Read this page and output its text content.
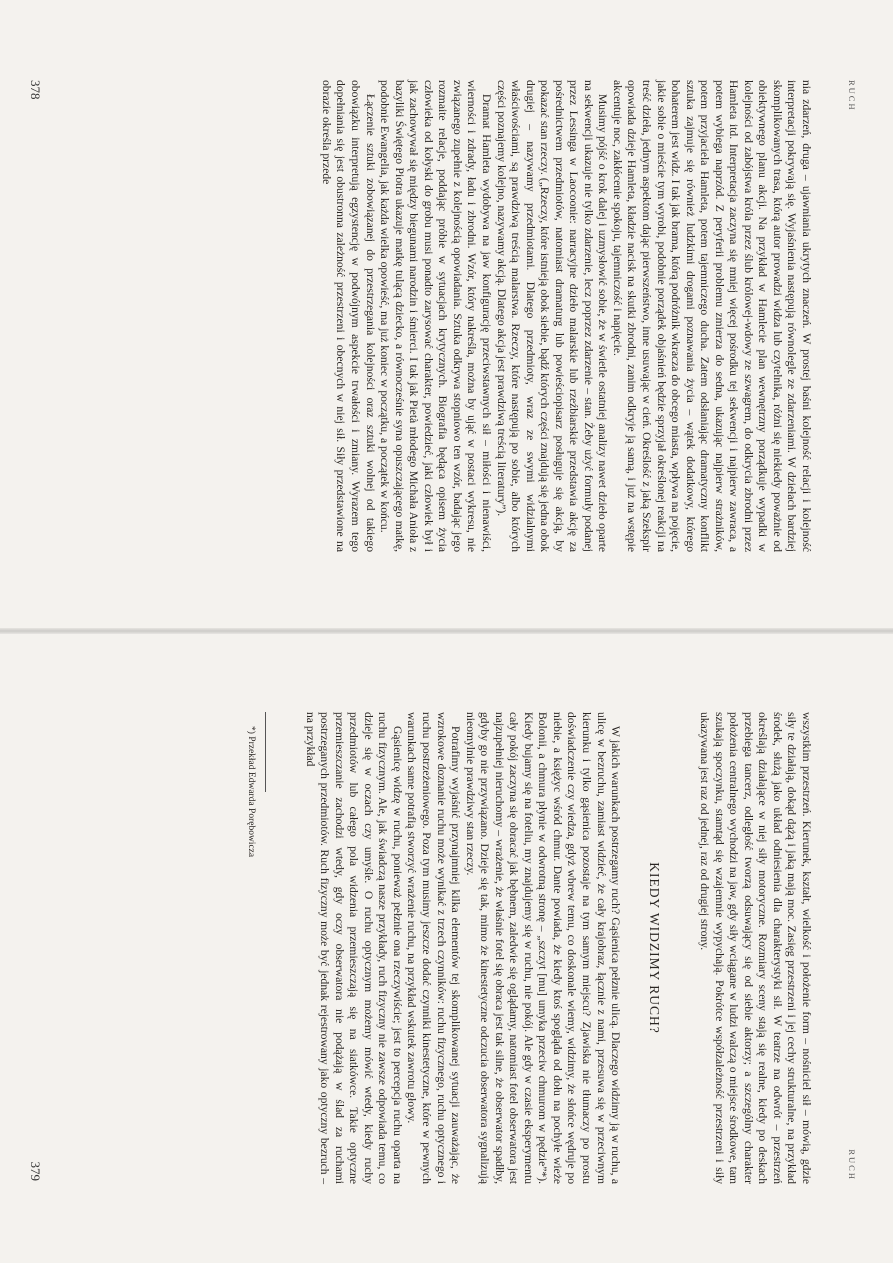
RUCH

nia zdarzeń, druga – ujawniania ukrytych znaczeń. W prostej baśni kolejność relacji i kolejność interpretacji pokrywają się. Wyjaśnienia następują równolegle ze zdarzeniami. W dziełach bardziej skomplikowanych trasa, którą autor prowadzi widza lub czytelnika, różni się niekiedy poważnie od obiektywnego planu akcji. Na przykład w Hamlecie plan wewnętrzny porządkuje wypadki w kolejności od zabójstwa króla przez ślub królowej-wdowy ze szwagrem, do odkrycia zbrodni przez Hamleta itd. Interpretacja zaczyna się mniej więcej pośrodku tej sekwencji i najpierw zawraca, a potem wybiega naprzód. Z peryferii problemu zmierza do sedna, ukazując najpierw strażników, potem przyjaciela Hamleta, potem tajemniczego ducha. Zatem odsłaniając dramatyczny konflikt sztuka zajmuje się również ludzkimi drogami poznawania życia – wątek dodatkowy, którego bohaterem jest widz. I tak jak brama, którą podróżnik wkracza do obcego miasta, wpływa na pojęcie, jakie sobie o mieście tym wyrobi, podobnie porządek objaśnień będzie sprzyjał określonej reakcji na treść dzieła, jednym aspektom dając pierwszeństwo, inne usuwając w cień. Określość z jaką Szekspir opowiada dzieje Hamleta, kładzie nacisk na skutki zbrodni, zanim odkryje ją samą, i już na wstępie akcentuje noc, zakłócenie spokoju, tajemniczość i napięcie.

Musimy pójść o krok dalej i uzmysłowić sobie, że w świetle ostatniej analizy nawet dzieło oparte na sekwencji ukazuje nie tylko zdarzenie, lecz poprzez zdarzenie – stan. Żeby użyć formuły podanej przez Lessinga w Laocoonie: narracyjne dzieło malarskie lub rzeźbiarskie przedstawia akcję za pośrednictwem przedmiotów, natomiast dramaturg lub powieściopisarz posługuje się akcją, by pokazać stan rzeczy. („Rzeczy, które istnieją obok siebie, bądź których części znajdują się jedna obok drugiej – nazywamy przedmiotami. Dlatego przedmioty, wraz ze swymi widzialnymi właściwościami, są prawdziwą treścią malarstwa. Rzeczy, które następują po sobie, albo których części poznajemy kolejno, nazywamy akcją. Dlatego akcja jest prawdziwą treścią literatury”).

Dramat Hamleta wydobywa na jaw konfigurację przeciwstawnych sił – miłości i nienawiści, wierności i zdrady, ładu i zbrodni. Wzór, który nakreśla, można by ująć w postaci wykresu, nie związanego zupełnie z kolejnością opowiadania. Sztuka odkrywa stopniowo ten wzór, badając jego rozmaite relacje, poddając próbie w sytuacjach krytycznych. Biografia będąca opisem życia człowieka od kołyski do grobu musi ponadto zarysować charakter, powiedzieć, jaki człowiek był i jak zachowywał się między biegunami narodzin i śmierci. I tak jak Pietà młodego Michała Anioła z bazyliki Świętego Piotra ukazuje matkę tulącą dziecko, a równocześnie syna opuszczającego matkę, podobnie Ewangelia, jak każda wielka opowieść, ma już koniec w początku, a początek w końcu.

Łączenie sztuki zobowiązanej do przestrzegania kolejności oraz sztuki wolnej od takiego obowiązku interpretują egzystencję w podwójnym aspekcie trwałości i zmiany. Wyrazem tego dopełniania się jest obustronna zależność przestrzeni i obecnych w niej sił. Siły przedstawione na obrazie określa przede

378
RUCH

wszystkim przestrzeń. Kierunek, kształt, wielkość i położenie form – nośniciel sił – mówią, gdzie siły te działają, dokąd dążą i jaką mają moc. Zasięg przestrzeni i jej cechy strukturalne, na przykład środek, służą jako układ odniesienia dla charakterystyki sił. W teatrze na odwrót – przestrzeń określają działające w niej siły motoryczne. Rozmiary sceny stają się realne, kiedy po deskach przebiega tancerz, odległość tworzą odsuwający się od siebie aktorzy; a szczególny charakter położenia centralnego wychodzi na jaw, gdy siły wciągane w ludzi walczą o miejsce środkowe, tam szukają spoczynku, stamtąd się wzajemnie wypychają. Pokrótce współzależność przestrzeni i siły ukazywana jest raz od jednej, raz od drugiej strony.

KIEDY WIDZIMY RUCH?

W jakich warunkach postrzegamy ruch? Gąsienica pełznie ulicą. Dlaczego widzimy ją w ruchu, a ulicę w bezruchu, zamiast widzieć, że cały krajobraz, łącznie z nami, przesuwa się w przeciwnym kierunku i tylko gąsienica pozostaje na tym samym miejscu? Zjawiska nie tłumaczy po prostu doświadczenie czy wiedza, gdyż wbrew temu, co doskonale wiemy, widzimy, że słońce wędruje po niebie, a księżyc wśród chmur. Dante powiada, że kiedy ktoś spogląda od dołu na pochyłe wieże Bolonii, a chmura płynie w odwrotną stronę – „szczyt [mu] umyka przeciw chmurom w pędzie”*). Kiedy bujamy się na foteliu, my znajdujemy się w ruchu, nie pokój. Ale gdy w czasie eksperymentu cały pokój zaczyna się obracać jak bębnem, zaledwie się oglądamy, natomiast fotel obserwatora jest najzupełniej nieruchomy – wrażenie, że właśnie fotel się obraca jest tak silne, że obserwator spadłby, gdyby go nie przywiązano. Dzieje się tak, mimo że kinestetyczne odczucia obserwatora sygnalizują nieomylnie prawdziwy stan rzeczy.

Potrafimy wyjaśnić przynajmniej kilka elementów tej skomplikowanej sytuacji zauważając, że wzrokowe doznanie ruchu może wynikać z trzech czynników: ruchu fizycznego, ruchu optycznego i ruchu postrzeżeniowego. Poza tym musimy jeszcze dodać czynniki kinestetyczne, które w pewnych warunkach same potrafią stworzyć wrażenie ruchu, na przykład wskutek zawrotu głowy.

Gąsienicę widzę w ruchu, ponieważ pełznie ona rzeczywiście; jest to percepcja ruchu oparta na ruchu fizycznym. Ale, jak świadczą nasze przykłady, ruch fizyczny nie zawsze odpowiada temu, co dzieje się w oczach czy umyśle. O ruchu optycznym możemy mówić wtedy, kiedy ruchy przedmiotów lub całego pola widzenia przemieszczają się na siatkówce. Takie optyczne przemieszczanie zachodzi wtedy, gdy oczy obserwatora nie podążają w ślad za ruchami postrzeganych przedmiotów. Ruch fizyczny może być jednak rejestrowany jako optyczny bezruch – na przykład

*) Przekład Edwarda Porębowicza

379
